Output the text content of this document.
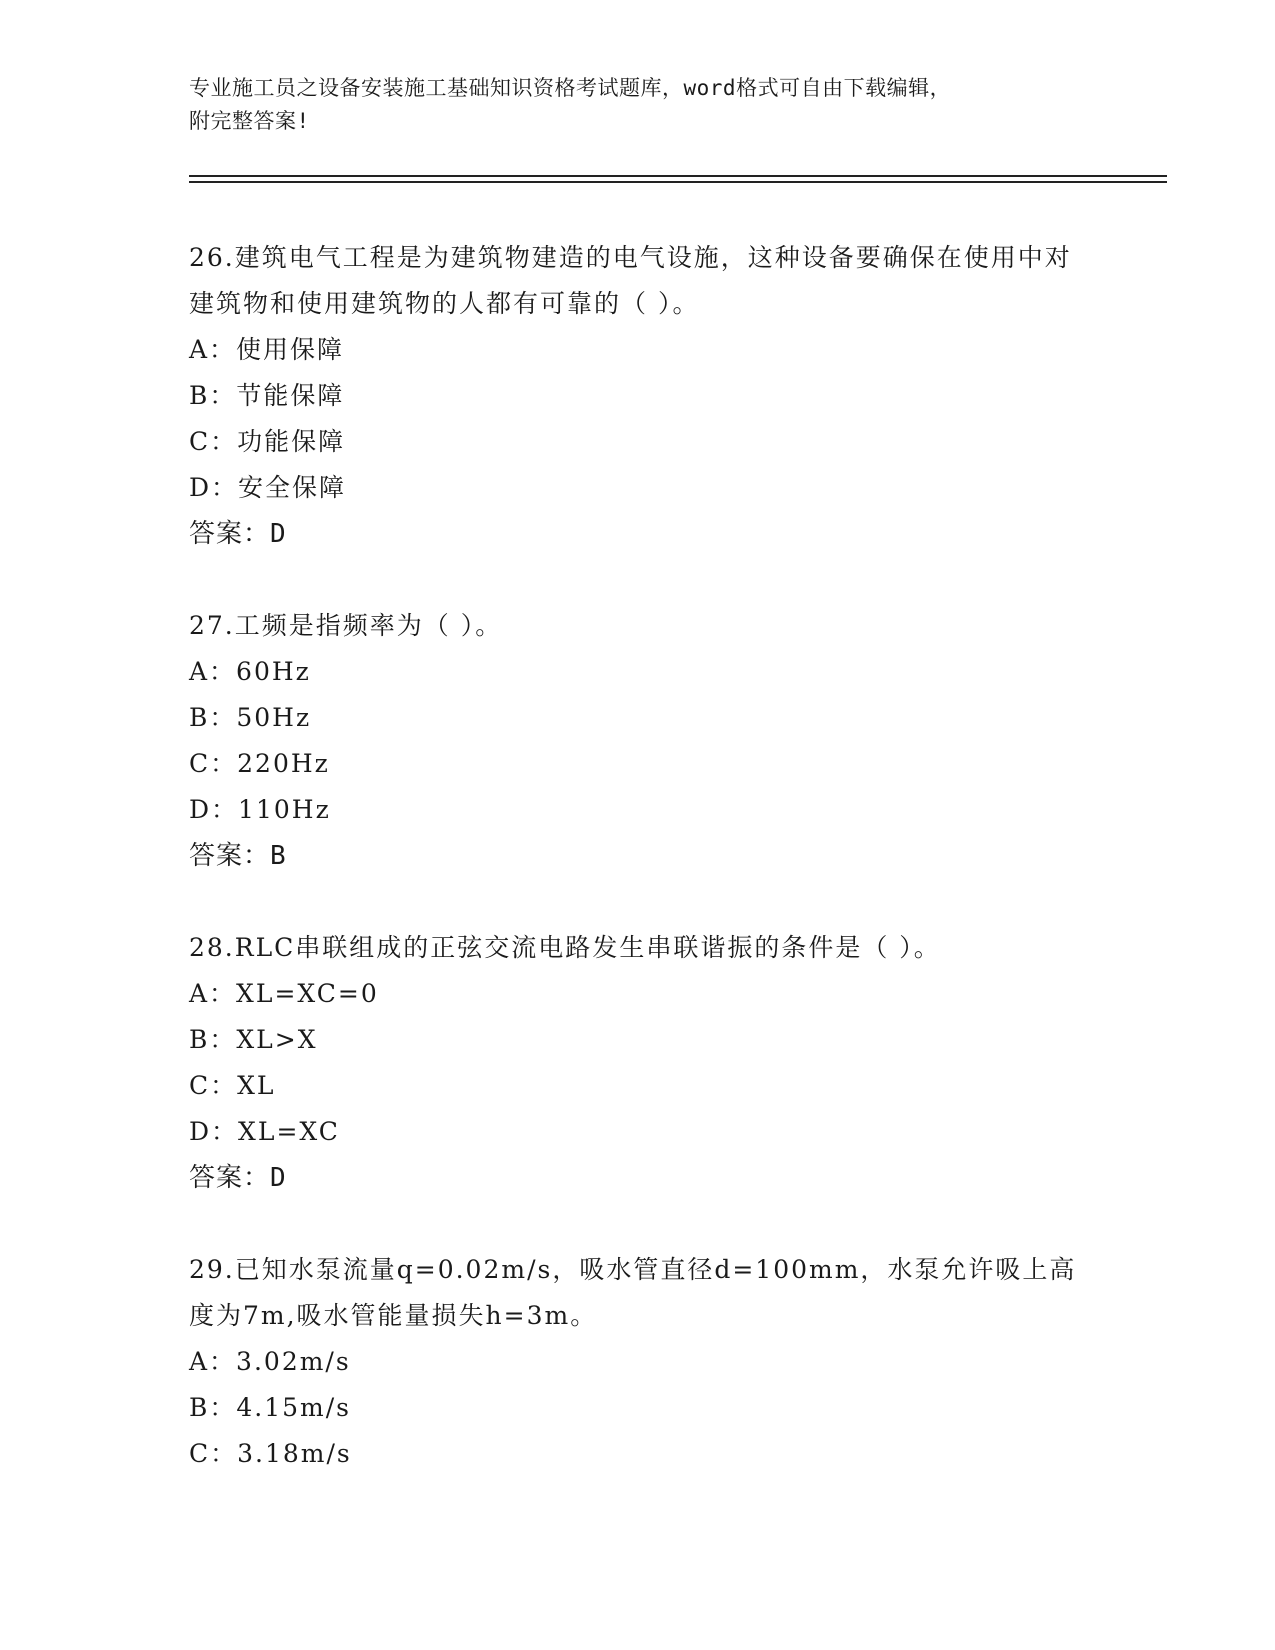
专业施工员之设备安装施工基础知识资格考试题库，word格式可自由下载编辑，
附完整答案!
26.建筑电气工程是为建筑物建造的电气设施，这种设备要确保在使用中对建筑物和使用建筑物的人都有可靠的（ ）。
A：使用保障
B：节能保障
C：功能保障
D：安全保障
答案：D
27.工频是指频率为（ ）。
A：60Hz
B：50Hz
C：220Hz
D：110Hz
答案：B
28.RLC串联组成的正弦交流电路发生串联谐振的条件是（ ）。
A：XL=XC=0
B：XL>X
C：XL
D：XL=XC
答案：D
29.已知水泵流量q=0.02m/s，吸水管直径d=100mm，水泵允许吸上高度为7m,吸水管能量损失h=3m。
A：3.02m/s
B：4.15m/s
C：3.18m/s
